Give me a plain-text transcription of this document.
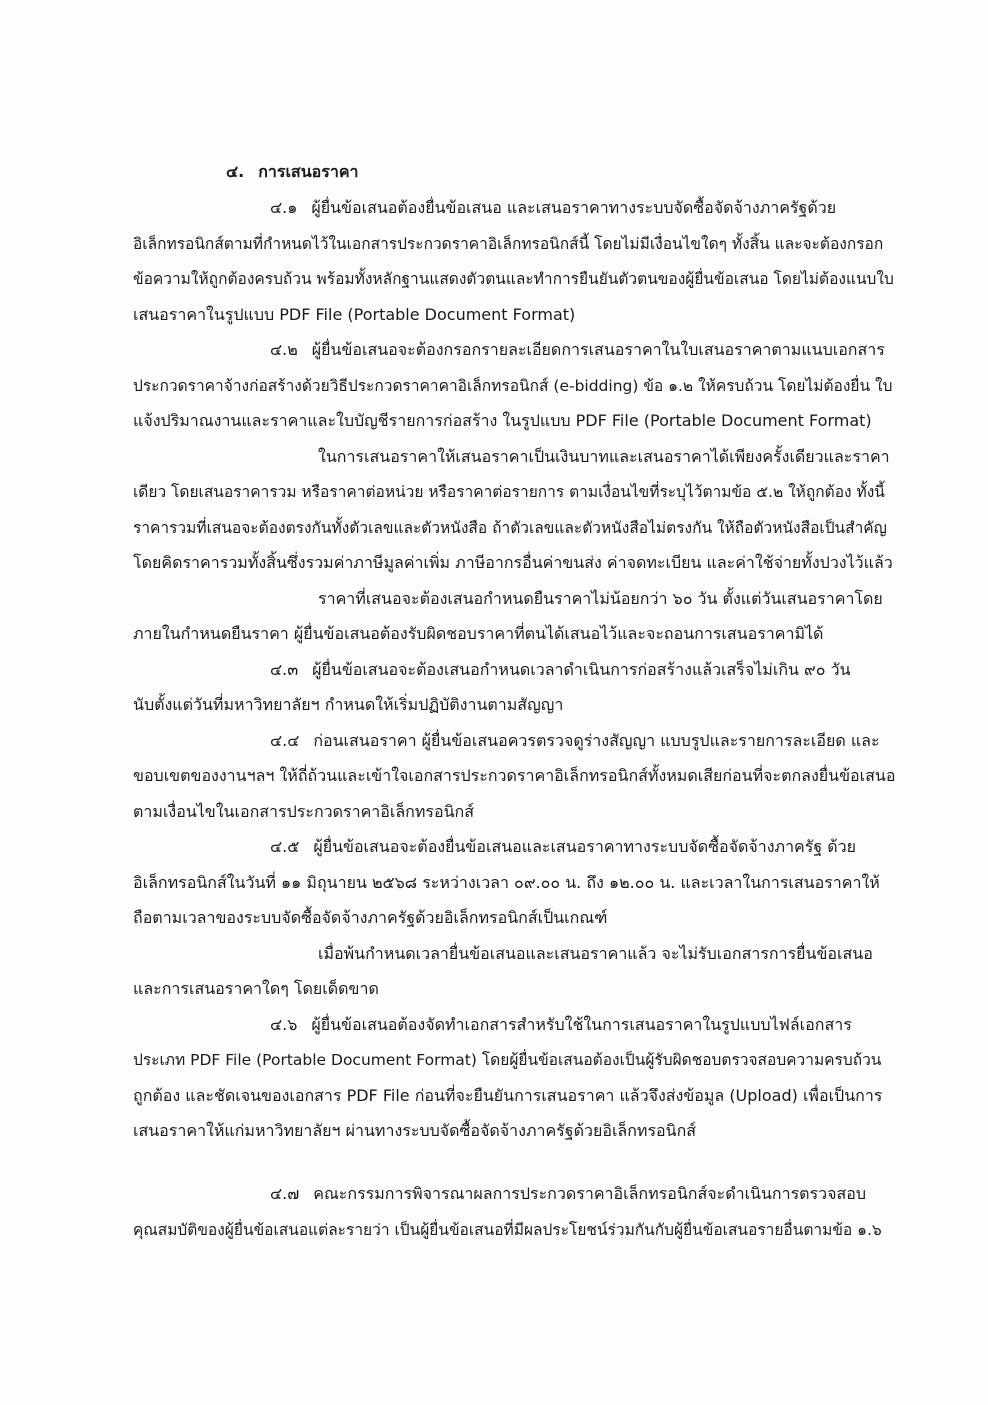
๔. การเสนอราคา
๔.๑ ผู้ยื่นข้อเสนอต้องยื่นข้อเสนอ และเสนอราคาทางระบบจัดซื้อจัดจ้างภาครัฐด้วย
อิเล็กทรอนิกส์ตามที่กำหนดไว้ในเอกสารประกวดราคาอิเล็กทรอนิกส์นี้ โดยไม่มีเงื่อนไขใดๆ ทั้งสิ้น และจะต้องกรอก
ข้อความให้ถูกต้องครบถ้วน พร้อมทั้งหลักฐานแสดงตัวตนและทำการยืนยันตัวตนของผู้ยื่นข้อเสนอ โดยไม่ต้องแนบใบ
เสนอราคาในรูปแบบ PDF File (Portable Document Format)
๔.๒ ผู้ยื่นข้อเสนอจะต้องกรอกรายละเอียดการเสนอราคาในใบเสนอราคาตามแนบเอกสาร
ประกวดราคาจ้างก่อสร้างด้วยวิธีประกวดราคาคาอิเล็กทรอนิกส์ (e-bidding) ข้อ ๑.๒ ให้ครบถ้วน โดยไม่ต้องยื่น ใบ
แจ้งปริมาณงานและราคาและใบบัญชีรายการก่อสร้าง ในรูปแบบ PDF File (Portable Document Format)
ในการเสนอราคาให้เสนอราคาเป็นเงินบาทและเสนอราคาได้เพียงครั้งเดียวและราคา
เดียว โดยเสนอราคารวม หรือราคาต่อหน่วย หรือราคาต่อรายการ ตามเงื่อนไขที่ระบุไว้ตามข้อ ๕.๒ ให้ถูกต้อง ทั้งนี้
ราคารวมที่เสนอจะต้องตรงกันทั้งตัวเลขและตัวหนังสือ ถ้าตัวเลขและตัวหนังสือไม่ตรงกัน ให้ถือตัวหนังสือเป็นสำคัญ
โดยคิดราคารวมทั้งสิ้นซึ่งรวมค่าภาษีมูลค่าเพิ่ม ภาษีอากรอื่นค่าขนส่ง ค่าจดทะเบียน และค่าใช้จ่ายทั้งปวงไว้แล้ว
ราคาที่เสนอจะต้องเสนอกำหนดยืนราคาไม่น้อยกว่า ๖๐ วัน ตั้งแต่วันเสนอราคาโดย
ภายในกำหนดยืนราคา ผู้ยื่นข้อเสนอต้องรับผิดชอบราคาที่ตนได้เสนอไว้และจะถอนการเสนอราคามิได้
๔.๓ ผู้ยื่นข้อเสนอจะต้องเสนอกำหนดเวลาดำเนินการก่อสร้างแล้วเสร็จไม่เกิน ๙๐ วัน
นับตั้งแต่วันที่มหาวิทยาลัยฯ กำหนดให้เริ่มปฏิบัติงานตามสัญญา
๔.๔ ก่อนเสนอราคา ผู้ยื่นข้อเสนอควรตรวจดูร่างสัญญา แบบรูปและรายการละเอียด และ
ขอบเขตของงานฯลฯ ให้ถี่ถ้วนและเข้าใจเอกสารประกวดราคาอิเล็กทรอนิกส์ทั้งหมดเสียก่อนที่จะตกลงยื่นข้อเสนอ
ตามเงื่อนไขในเอกสารประกวดราคาอิเล็กทรอนิกส์
๔.๕ ผู้ยื่นข้อเสนอจะต้องยื่นข้อเสนอและเสนอราคาทางระบบจัดซื้อจัดจ้างภาครัฐ ด้วย
อิเล็กทรอนิกส์ในวันที่ ๑๑ มิถุนายน ๒๕๖๘ ระหว่างเวลา ๐๙.๐๐ น. ถึง ๑๒.๐๐ น. และเวลาในการเสนอราคาให้
ถือตามเวลาของระบบจัดซื้อจัดจ้างภาครัฐด้วยอิเล็กทรอนิกส์เป็นเกณฑ์
เมื่อพ้นกำหนดเวลายื่นข้อเสนอและเสนอราคาแล้ว จะไม่รับเอกสารการยื่นข้อเสนอ
และการเสนอราคาใดๆ โดยเด็ดขาด
๔.๖ ผู้ยื่นข้อเสนอต้องจัดทำเอกสารสำหรับใช้ในการเสนอราคาในรูปแบบไฟล์เอกสาร
ประเภท PDF File (Portable Document Format) โดยผู้ยื่นข้อเสนอต้องเป็นผู้รับผิดชอบตรวจสอบความครบถ้วน
ถูกต้อง และชัดเจนของเอกสาร PDF File ก่อนที่จะยืนยันการเสนอราคา แล้วจึงส่งข้อมูล (Upload) เพื่อเป็นการ
เสนอราคาให้แก่มหาวิทยาลัยฯ ผ่านทางระบบจัดซื้อจัดจ้างภาครัฐด้วยอิเล็กทรอนิกส์
๔.๗ คณะกรรมการพิจารณาผลการประกวดราคาอิเล็กทรอนิกส์จะดำเนินการตรวจสอบ
คุณสมบัติของผู้ยื่นข้อเสนอแต่ละรายว่า เป็นผู้ยื่นข้อเสนอที่มีผลประโยชน์ร่วมกันกับผู้ยื่นข้อเสนอรายอื่นตามข้อ ๑.๖
